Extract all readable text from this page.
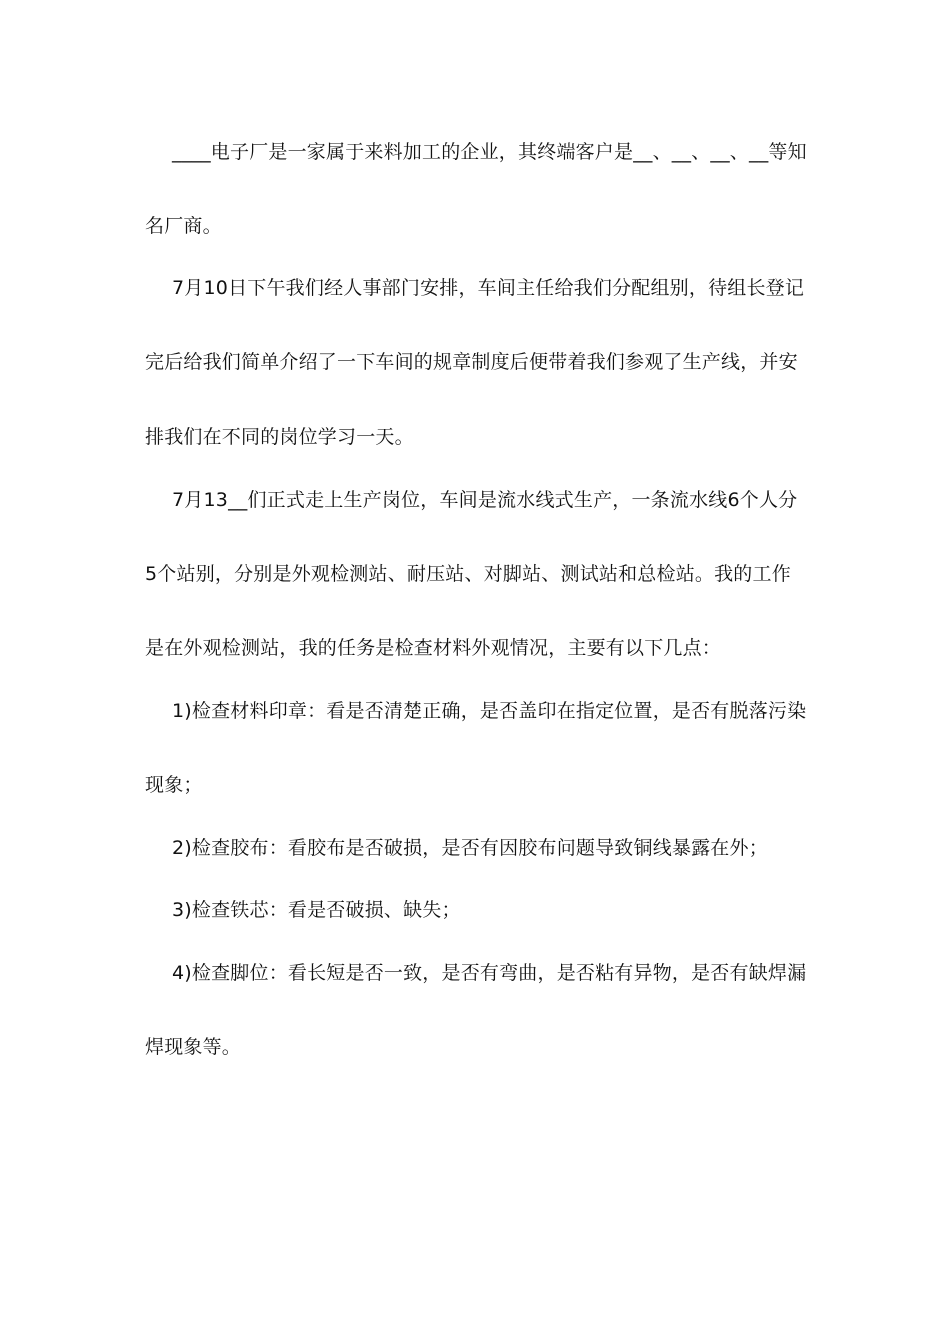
____电子厂是一家属于来料加工的企业，其终端客户是__、__、__、__等知
名厂商。
7月10日下午我们经人事部门安排，车间主任给我们分配组别，待组长登记
完后给我们简单介绍了一下车间的规章制度后便带着我们参观了生产线，并安
排我们在不同的岗位学习一天。
7月13__们正式走上生产岗位，车间是流水线式生产，一条流水线6个人分
5个站别，分别是外观检测站、耐压站、对脚站、测试站和总检站。我的工作
是在外观检测站，我的任务是检查材料外观情况，主要有以下几点：
1)检查材料印章：看是否清楚正确，是否盖印在指定位置，是否有脱落污染
现象；
2)检查胶布：看胶布是否破损，是否有因胶布问题导致铜线暴露在外；
3)检查铁芯：看是否破损、缺失；
4)检查脚位：看长短是否一致，是否有弯曲，是否粘有异物，是否有缺焊漏
焊现象等。
